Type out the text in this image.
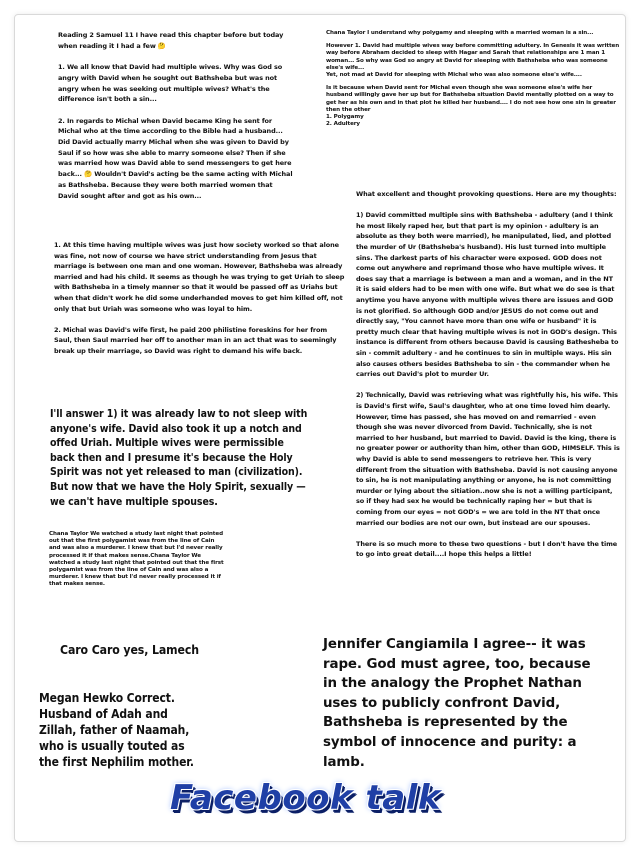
Reading 2 Samuel 11 I have read this chapter before but today when reading it I had a few 🤔

1. We all know that David had multiple wives. Why was God so angry with David when he sought out Bathsheba but was not angry when he was seeking out multiple wives? What's the difference isn't both a sin...

2. In regards to Michal when David became King he sent for Michal who at the time according to the Bible had a husband... Did David actually marry Michal when she was given to David by Saul if so how was she able to marry someone else? Then if she was married how was David able to send messengers to get here back... 🤔 Wouldn't David's acting be the same acting with Michal as Bathsheba. Because they were both married women that David sought after and got as his own...

Chana Taylor I understand why polygamy and sleeping with a married woman is a sin...

However 1. David had multiple wives way before committing adultery. In Genesis it was written way before Abraham decided to sleep with Hagar and Sarah that relationships are 1 man 1 woman... So why was God so angry at David for sleeping with Bathsheba who was someone else's wife...

Yet, not mad at David for sleeping with Michal who was also someone else's wife....

Is it because when David sent for Michal even though she was someone else's wife her husband willingly gave her up but for Bathsheba situation David mentally plotted on a way to get her as his own and in that plot he killed her husband.... I do not see how one sin is greater then the other

1. Polygamy

2. Adultery

1. At this time having multiple wives was just how society worked so that alone was fine, not now of course we have strict understanding from Jesus that marriage is between one man and one woman. However, Bathsheba was already married and had his child. It seems as though he was trying to get Uriah to sleep with Bathsheba in a timely manner so that it would be passed off as Uriahs but when that didn't work he did some underhanded moves to get him killed off, not only that but Uriah was someone who was loyal to him.

2. Michal was David's wife first, he paid 200 philistine foreskins for her from Saul, then Saul married her off to another man in an act that was to seemingly break up their marriage, so David was right to demand his wife back.

What excellent and thought provoking questions. Here are my thoughts:

1) David committed multiple sins with Bathsheba - adultery (and I think he most likely raped her, but that part is my opinion - adultery is an absolute as they both were married), he manipulated, lied, and plotted the murder of Ur (Bathsheba's husband). His lust turned into multiple sins. The darkest parts of his character were exposed. GOD does not come out anywhere and reprimand those who have multiple wives. It does say that a marriage is between a man and a woman, and in the NT it is said elders had to be men with one wife. But what we do see is that anytime you have anyone with multiple wives there are issues and GOD is not glorified. So although GOD and/or JESUS do not come out and directly say, "You cannot have more than one wife or husband" it is pretty much clear that having multiple wives is not in GOD's design. This instance is different from others because David is causing Bathesheba to sin - commit adultery - and he continues to sin in multiple ways. His sin also causes others besides Bathsheba to sin - the commander when he carries out David's plot to murder Ur.

2) Technically, David was retrieving what was rightfully his, his wife. This is David's first wife, Saul's daughter, who at one time loved him dearly. However, time has passed, she has moved on and remarried - even though she was never divorced from David. Technically, she is not married to her husband, but married to David. David is the king, there is no greater power or authority than him, other than GOD, HIMSELF. This is why David is able to send messengers to retrieve her. This is very different from the situation with Bathsheba. David is not causing anyone to sin, he is not manipulating anything or anyone, he is not committing murder or lying about the sitiation..now she is not a willing participant, so if they had sex he would be technically raping her = but that is coming from our eyes = not GOD's = we are told in the NT that once married our bodies are not our own, but instead are our spouses.

There is so much more to these two questions - but I don't have the time to go into great detail....I hope this helps a little!

I'll answer 1) it was already law to not sleep with anyone's wife. David also took it up a notch and offed Uriah. Multiple wives were permissible back then and I presume it's because the Holy Spirit was not yet released to man (civilization). But now that we have the Holy Spirit, sexually — we can't have multiple spouses.

Chana Taylor We watched a study last night that pointed out that the first polygamist was from the line of Cain and was also a murderer. I knew that but I'd never really processed it if that makes sense.Chana Taylor We watched a study last night that pointed out that the first polygamist was from the line of Cain and was also a murderer. I knew that but I'd never really processed it if that makes sense.

Caro Caro yes, Lamech

Megan Hewko Correct. Husband of Adah and Zillah, father of Naamah, who is usually touted as the first Nephilim mother.

Jennifer Cangiamila I agree-- it was rape. God must agree, too, because in the analogy the Prophet Nathan uses to publicly confront David, Bathsheba is represented by the symbol of innocence and purity: a lamb.

Facebook talk
